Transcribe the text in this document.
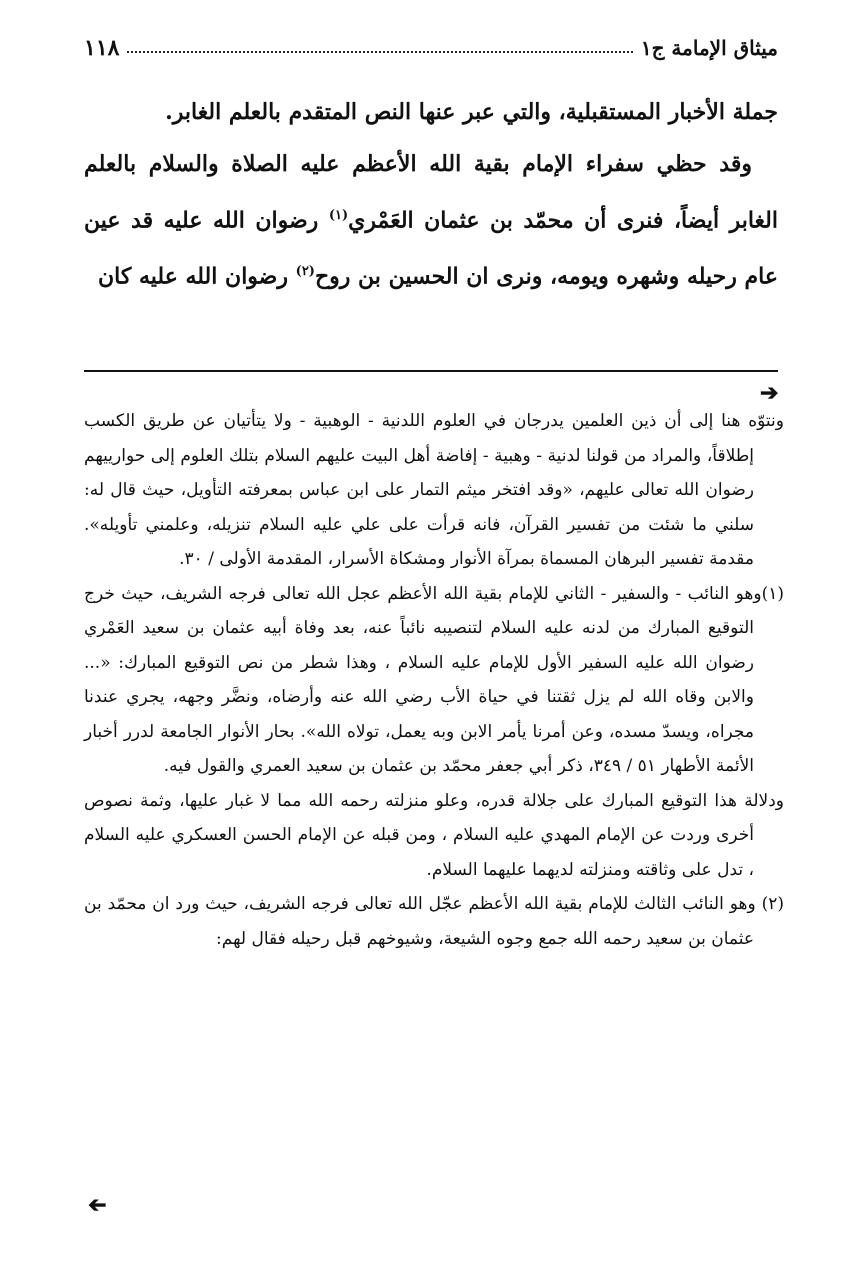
ميثاق الإمامة ج١
١١٨

جملة الأخبار المستقبلية، والتي عبر عنها النص المتقدم بالعلم الغابر.

وقد حظي سفراء الإمام بقية الله الأعظم عليه الصلاة والسلام بالعلم الغابر أيضاً، فنرى أن محمّد بن عثمان العَمْري$^{(١)}$ رضوان الله عليه قد عين عام رحيله وشهره ويومه، ونرى ان الحسين بن روح$^{(٢)}$ رضوان الله عليه كان

➔

ونتوّه هنا إلى أن ذين العلمين يدرجان في العلوم اللدنية - الوهبية - ولا يتأتيان عن طريق الكسب إطلاقاً، والمراد من قولنا لدنية - وهبية - إفاضة أهل البيت عليهم السلام بتلك العلوم إلى حوارييهم رضوان الله تعالى عليهم، «وقد افتخر ميثم التمار على ابن عباس بمعرفته التأويل، حيث قال له: سلني ما شئت من تفسير القرآن، فانه قرأت على علي عليه السلام تنزيله، وعلمني تأويله». مقدمة تفسير البرهان المسماة بمرآة الأنوار ومشكاة الأسرار، المقدمة الأولى / ٣٠.

(١)وهو النائب - والسفير - الثاني للإمام بقية الله الأعظم عجل الله تعالى فرجه الشريف، حيث خرج التوقيع المبارك من لدنه عليه السلام لتنصيبه نائباً عنه، بعد وفاة أبيه عثمان بن سعيد العَمْري رضوان الله عليه السفير الأول للإمام عليه السلام ، وهذا شطر من نص التوقيع المبارك: «... والابن وقاه الله لم يزل ثقتنا في حياة الأب رضي الله عنه وأرضاه، ونضَّر وجهه، يجري عندنا مجراه، ويسدّ مسده، وعن أمرنا يأمر الابن وبه يعمل، تولاه الله». بحار الأنوار الجامعة لدرر أخبار الأئمة الأطهار ٥١ / ٣٤٩، ذكر أبي جعفر محمّد بن عثمان بن سعيد العمري والقول فيه.

ودلالة هذا التوقيع المبارك على جلالة قدره، وعلو منزلته رحمه الله مما لا غبار عليها، وثمة نصوص أخرى وردت عن الإمام المهدي عليه السلام ، ومن قبله عن الإمام الحسن العسكري عليه السلام ، تدل على وثاقته ومنزلته لديهما عليهما السلام.

(٢) وهو النائب الثالث للإمام بقية الله الأعظم عجّل الله تعالى فرجه الشريف، حيث ورد ان محمّد بن عثمان بن سعيد رحمه الله جمع وجوه الشيعة، وشيوخهم قبل رحيله فقال لهم:

➔
